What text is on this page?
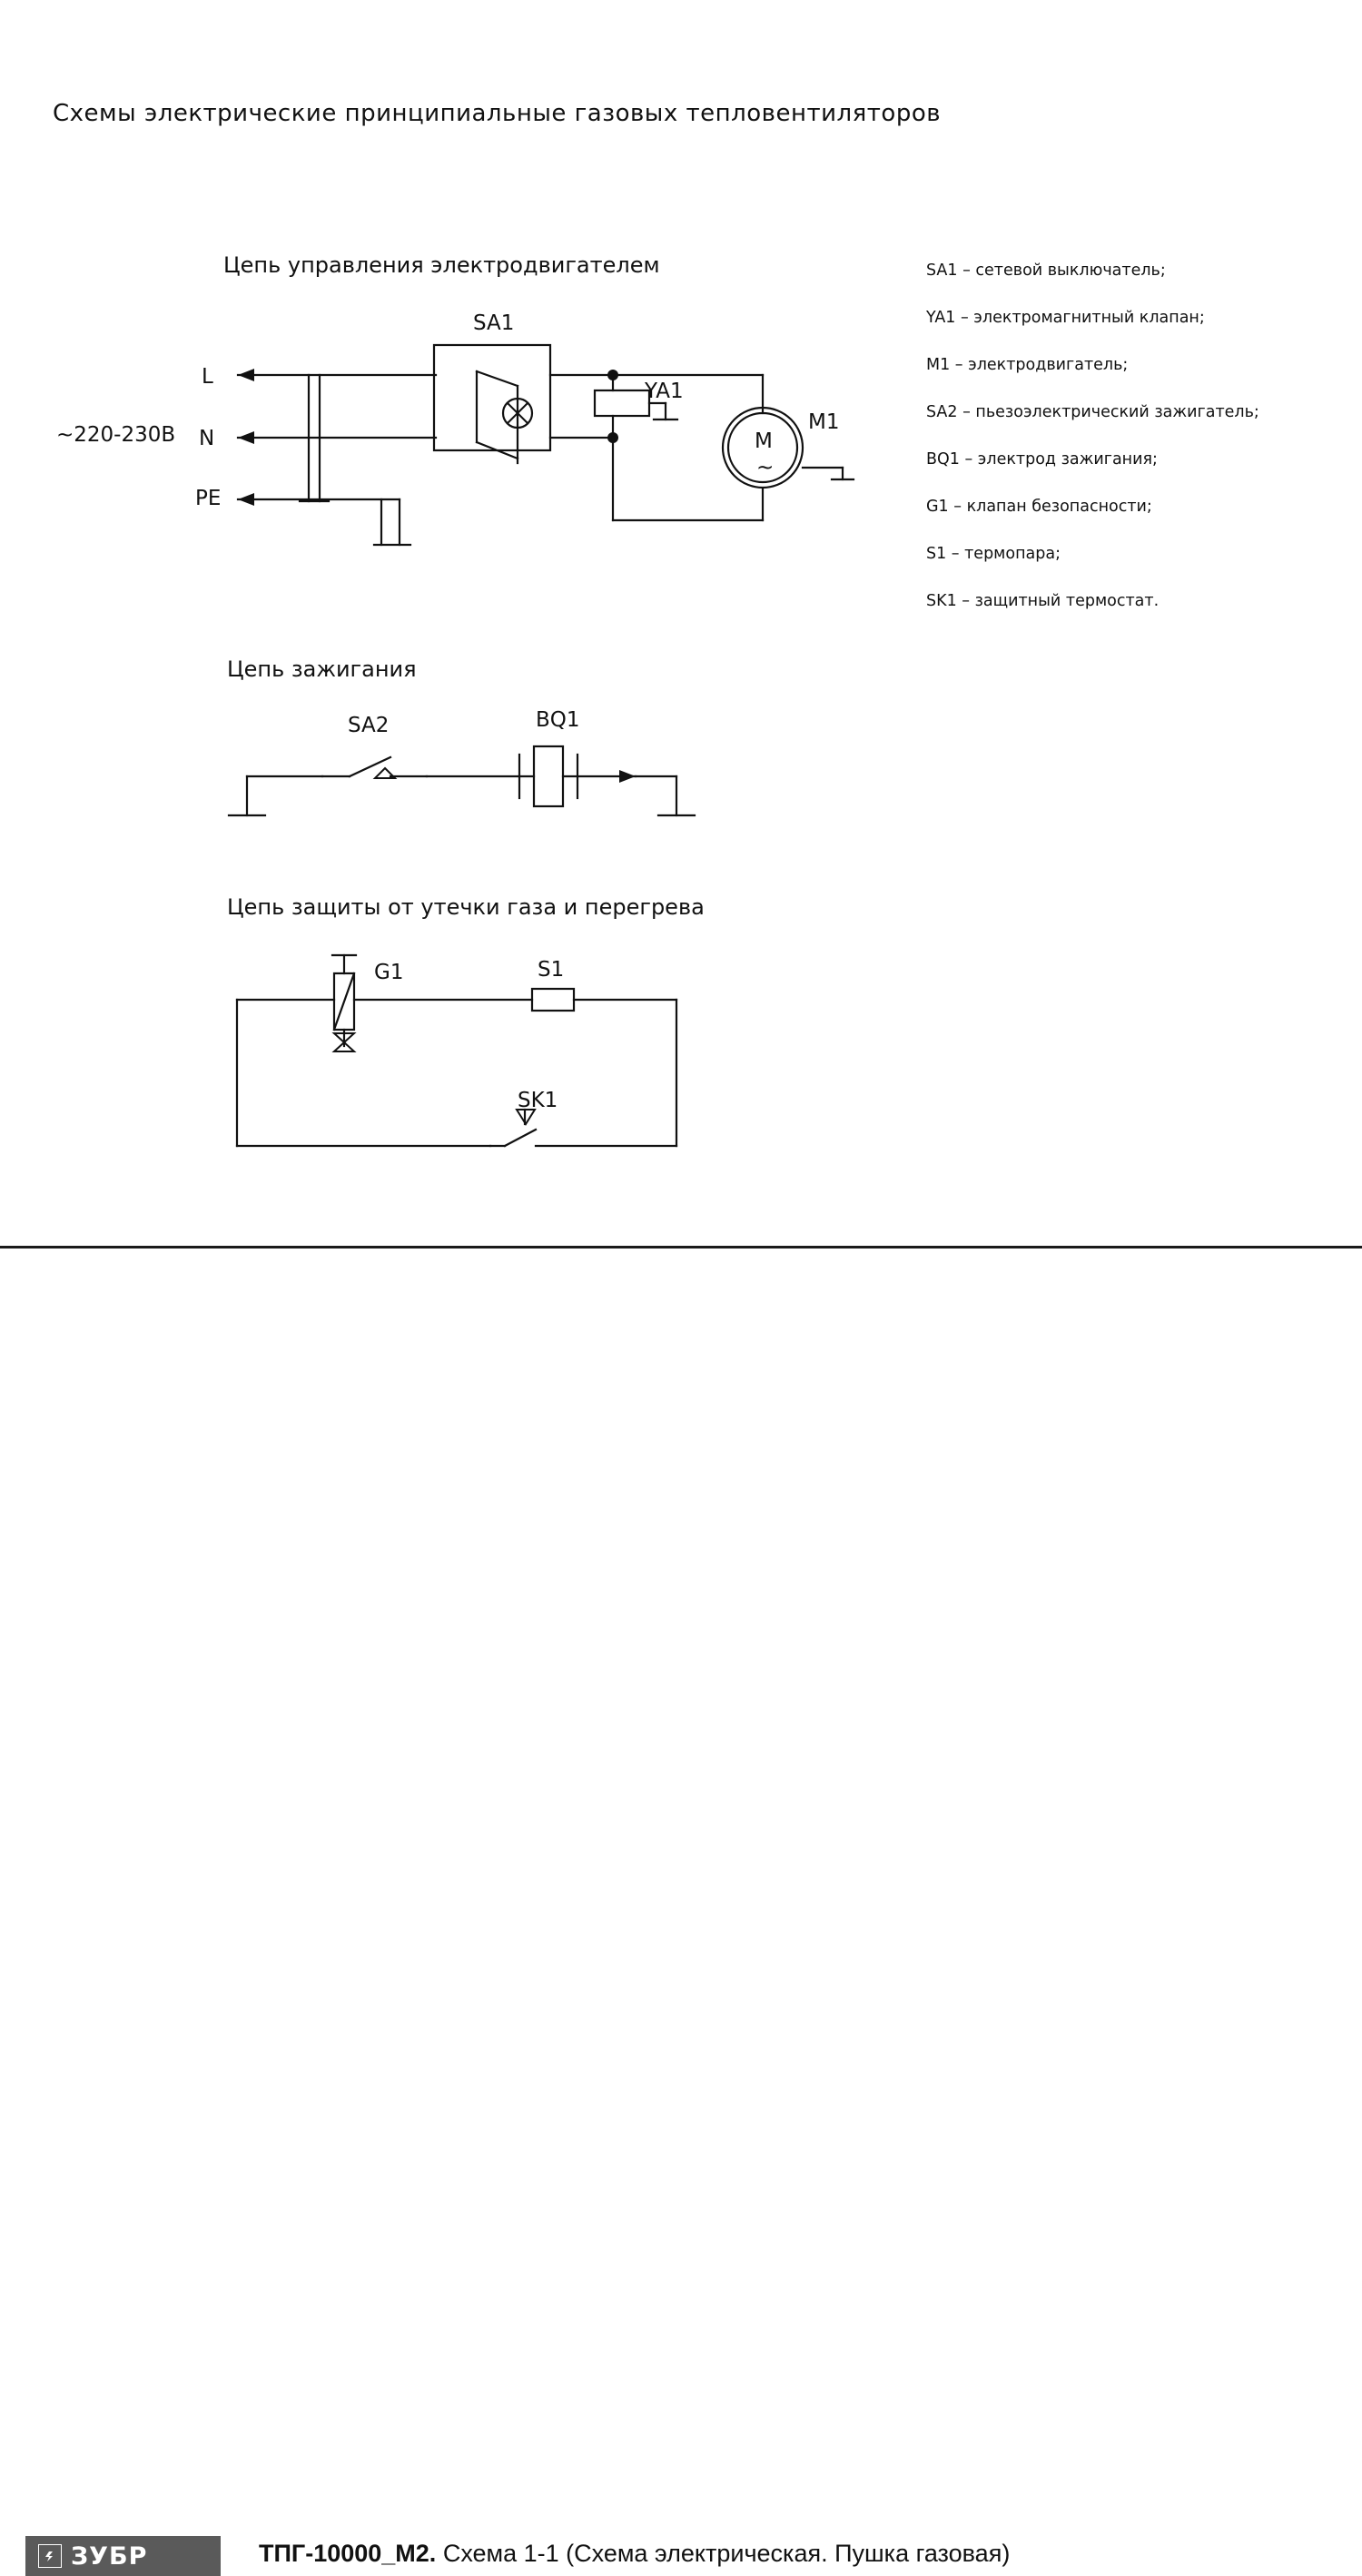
Схемы электрические принципиальные газовых тепловентиляторов
Цепь управления электродвигателем
Цепь зажигания
Цепь защиты от утечки газа и перегрева
~220-230В
L
N
PE
SA1
YA1
M
~
M1
SA2	BQ1
G1	S1
SK1
SA1 – сетевой выключатель;
YA1 – электромагнитный клапан;
M1 – электродвигатель;
SA2 – пьезоэлектрический зажигатель;
BQ1 – электрод зажигания;
G1 – клапан безопасности;
S1 – термопара;
SK1 – защитный термостат.
ЗУБР	ТПГ-10000_М2. Схема 1-1 (Схема электрическая. Пушка газовая)
